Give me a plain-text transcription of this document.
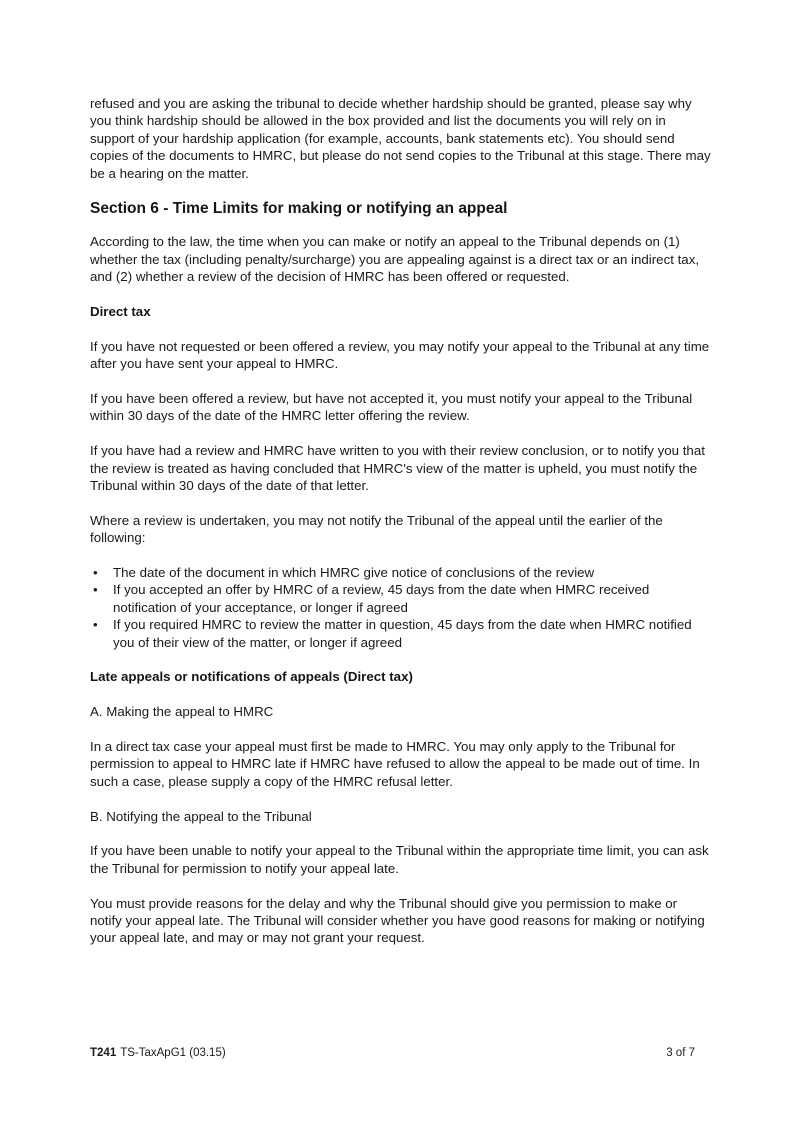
refused and you are asking the tribunal to decide whether hardship should be granted, please say why you think hardship should be allowed in the box provided and list the documents you will rely on in support of your hardship application (for example, accounts, bank statements etc). You should send copies of the documents to HMRC, but please do not send copies to the Tribunal at this stage. There may be a hearing on the matter.

Section 6 - Time Limits for making or notifying an appeal

According to the law, the time when you can make or notify an appeal to the Tribunal depends on (1) whether the tax (including penalty/surcharge) you are appealing against is a direct tax or an indirect tax, and (2) whether a review of the decision of HMRC has been offered or requested.

Direct tax

If you have not requested or been offered a review, you may notify your appeal to the Tribunal at any time after you have sent your appeal to HMRC.

If you have been offered a review, but have not accepted it, you must notify your appeal to the Tribunal within 30 days of the date of the HMRC letter offering the review.

If you have had a review and HMRC have written to you with their review conclusion, or to notify you that the review is treated as having concluded that HMRC's view of the matter is upheld, you must notify the Tribunal within 30 days of the date of that letter.

Where a review is undertaken, you may not notify the Tribunal of the appeal until the earlier of the following:

• The date of the document in which HMRC give notice of conclusions of the review
• If you accepted an offer by HMRC of a review, 45 days from the date when HMRC received notification of your acceptance, or longer if agreed
• If you required HMRC to review the matter in question, 45 days from the date when HMRC notified you of their view of the matter, or longer if agreed
Late appeals or notifications of appeals (Direct tax)

A. Making the appeal to HMRC

In a direct tax case your appeal must first be made to HMRC. You may only apply to the Tribunal for permission to appeal to HMRC late if HMRC have refused to allow the appeal to be made out of time. In such a case, please supply a copy of the HMRC refusal letter.

B. Notifying the appeal to the Tribunal

If you have been unable to notify your appeal to the Tribunal within the appropriate time limit, you can ask the Tribunal for permission to notify your appeal late.

You must provide reasons for the delay and why the Tribunal should give you permission to make or notify your appeal late. The Tribunal will consider whether you have good reasons for making or notifying your appeal late, and may or may not grant your request.

T241 TS-TaxApG1 (03.15)	3 of 7
